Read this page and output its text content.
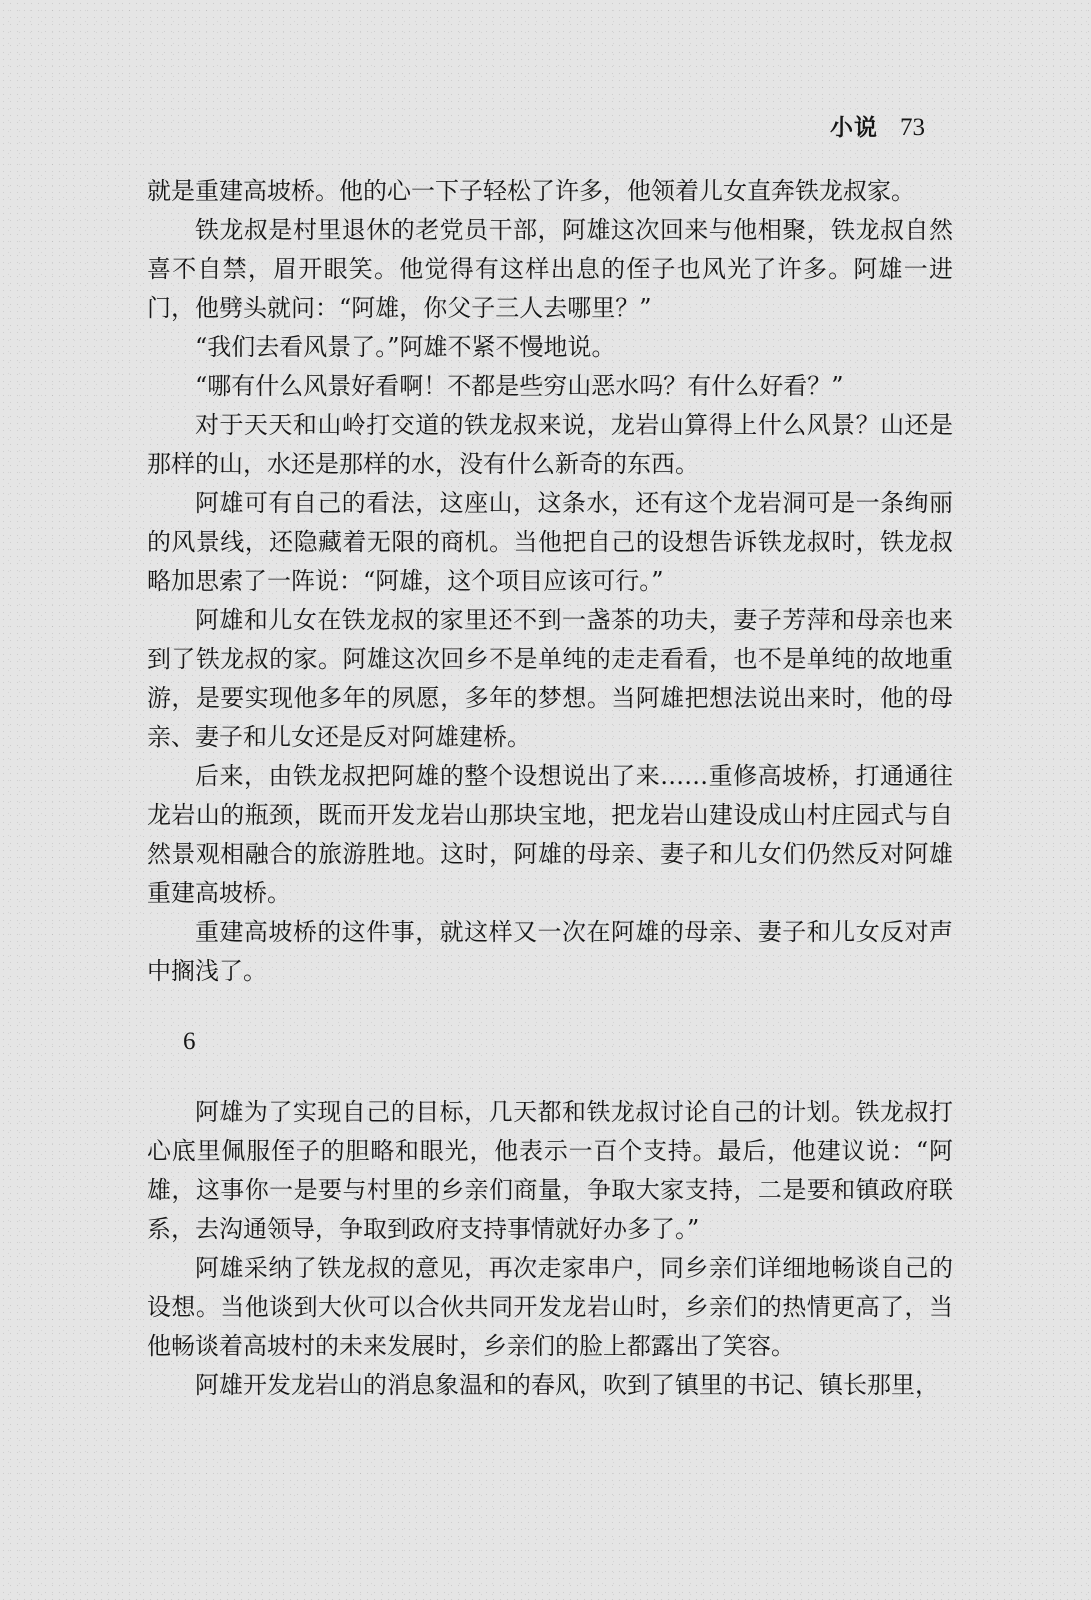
小说 73

就是重建高坡桥。他的心一下子轻松了许多，他领着儿女直奔铁龙叔家。

铁龙叔是村里退休的老党员干部，阿雄这次回来与他相聚，铁龙叔自然喜不自禁，眉开眼笑。他觉得有这样出息的侄子也风光了许多。阿雄一进门，他劈头就问：“阿雄，你父子三人去哪里？”

“我们去看风景了。”阿雄不紧不慢地说。

“哪有什么风景好看啊！不都是些穷山恶水吗？有什么好看？”

对于天天和山岭打交道的铁龙叔来说，龙岩山算得上什么风景？山还是那样的山，水还是那样的水，没有什么新奇的东西。

阿雄可有自己的看法，这座山，这条水，还有这个龙岩洞可是一条绚丽的风景线，还隐藏着无限的商机。当他把自己的设想告诉铁龙叔时，铁龙叔略加思索了一阵说：“阿雄，这个项目应该可行。”

阿雄和儿女在铁龙叔的家里还不到一盏茶的功夫，妻子芳萍和母亲也来到了铁龙叔的家。阿雄这次回乡不是单纯的走走看看，也不是单纯的故地重游，是要实现他多年的夙愿，多年的梦想。当阿雄把想法说出来时，他的母亲、妻子和儿女还是反对阿雄建桥。

后来，由铁龙叔把阿雄的整个设想说出了来……重修高坡桥，打通通往龙岩山的瓶颈，既而开发龙岩山那块宝地，把龙岩山建设成山村庄园式与自然景观相融合的旅游胜地。这时，阿雄的母亲、妻子和儿女们仍然反对阿雄重建高坡桥。

重建高坡桥的这件事，就这样又一次在阿雄的母亲、妻子和儿女反对声中搁浅了。

6

阿雄为了实现自己的目标，几天都和铁龙叔讨论自己的计划。铁龙叔打心底里佩服侄子的胆略和眼光，他表示一百个支持。最后，他建议说：“阿雄，这事你一是要与村里的乡亲们商量，争取大家支持，二是要和镇政府联系，去沟通领导，争取到政府支持事情就好办多了。”

阿雄采纳了铁龙叔的意见，再次走家串户，同乡亲们详细地畅谈自己的设想。当他谈到大伙可以合伙共同开发龙岩山时，乡亲们的热情更高了，当他畅谈着高坡村的未来发展时，乡亲们的脸上都露出了笑容。

阿雄开发龙岩山的消息象温和的春风，吹到了镇里的书记、镇长那里，
